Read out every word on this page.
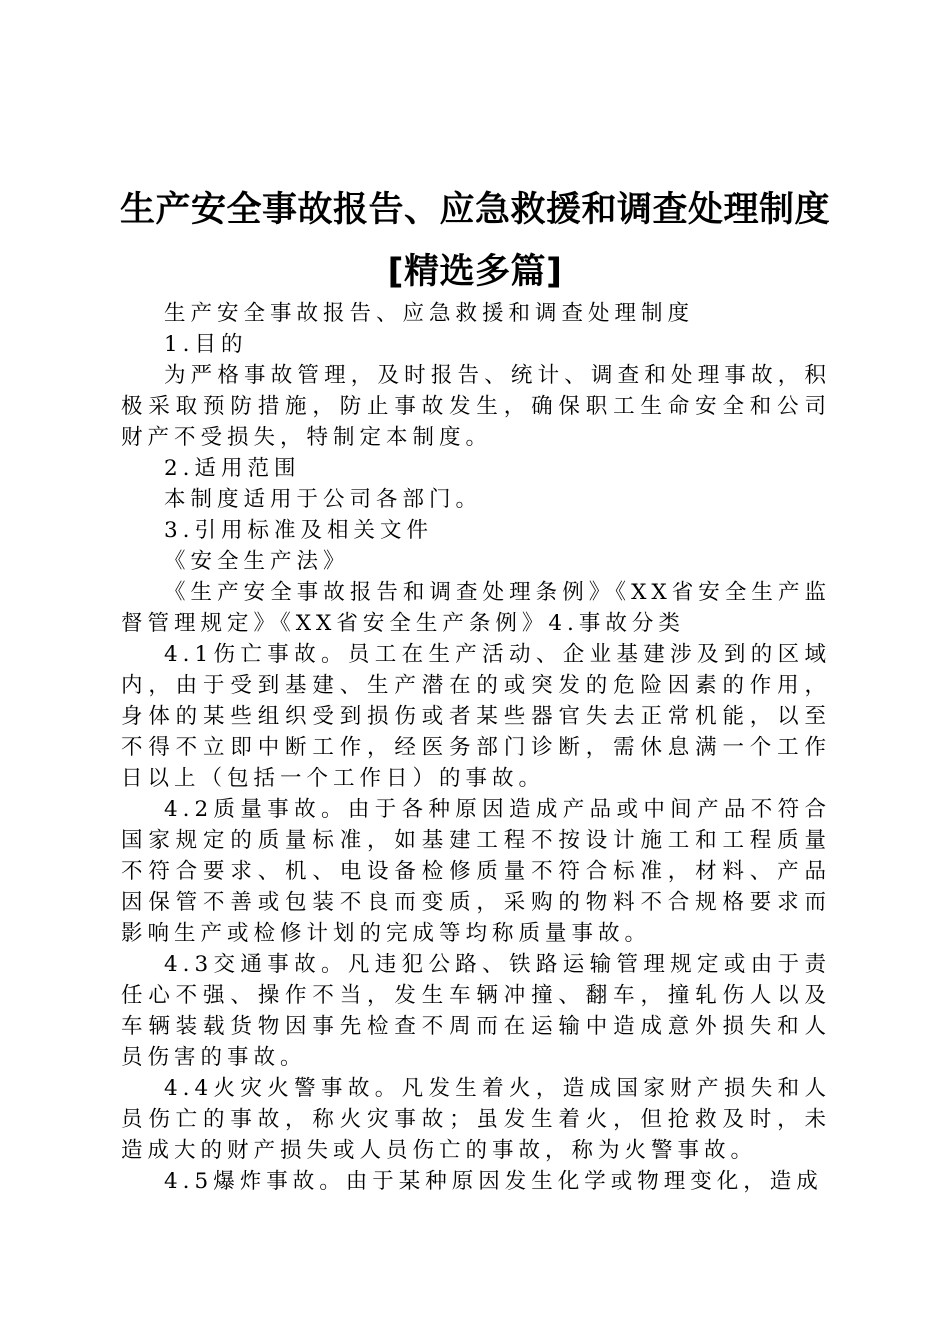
生产安全事故报告、应急救援和调查处理制度
[精选多篇]

生产安全事故报告、应急救援和调查处理制度

1.目的

为严格事故管理，及时报告、统计、调查和处理事故，积极采取预防措施，防止事故发生，确保职工生命安全和公司财产不受损失，特制定本制度。

2.适用范围

本制度适用于公司各部门。

3.引用标准及相关文件

《安全生产法》

《生产安全事故报告和调查处理条例》《XX省安全生产监督管理规定》《XX省安全生产条例》4.事故分类

4.1伤亡事故。员工在生产活动、企业基建涉及到的区域内，由于受到基建、生产潜在的或突发的危险因素的作用，身体的某些组织受到损伤或者某些器官失去正常机能，以至不得不立即中断工作，经医务部门诊断，需休息满一个工作日以上（包括一个工作日）的事故。

4.2质量事故。由于各种原因造成产品或中间产品不符合国家规定的质量标准，如基建工程不按设计施工和工程质量不符合要求、机、电设备检修质量不符合标准，材料、产品因保管不善或包装不良而变质，采购的物料不合规格要求而影响生产或检修计划的完成等均称质量事故。

4.3交通事故。凡违犯公路、铁路运输管理规定或由于责任心不强、操作不当，发生车辆冲撞、翻车，撞轧伤人以及车辆装载货物因事先检查不周而在运输中造成意外损失和人员伤害的事故。

4.4火灾火警事故。凡发生着火，造成国家财产损失和人员伤亡的事故，称火灾事故；虽发生着火，但抢救及时，未造成大的财产损失或人员伤亡的事故，称为火警事故。

4.5爆炸事故。由于某种原因发生化学或物理变化，造成
